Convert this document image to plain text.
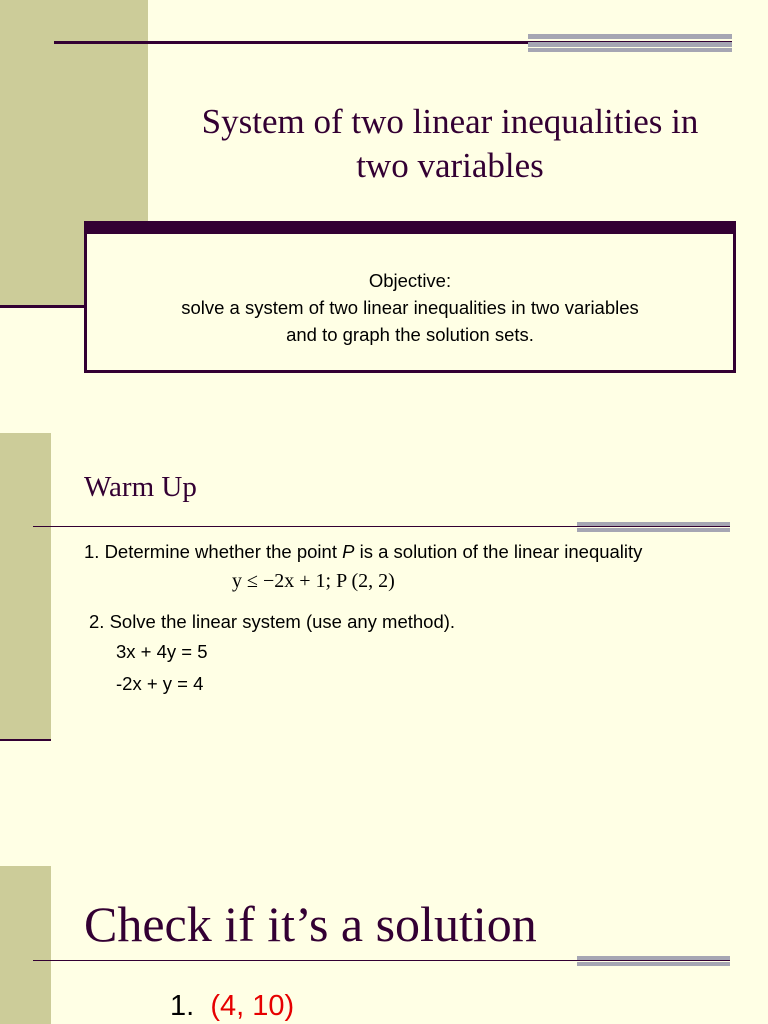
System of two linear inequalities in
two variables
Objective:
solve a system of two linear inequalities in two variables
and to graph the solution sets.
Warm Up
1. Determine whether the point P is a solution of the linear inequality
y ≤ −2x + 1; P (2, 2)
2. Solve the linear system (use any method).
3x + 4y = 5
-2x + y = 4
Check if it’s a solution
1. (4, 10)
